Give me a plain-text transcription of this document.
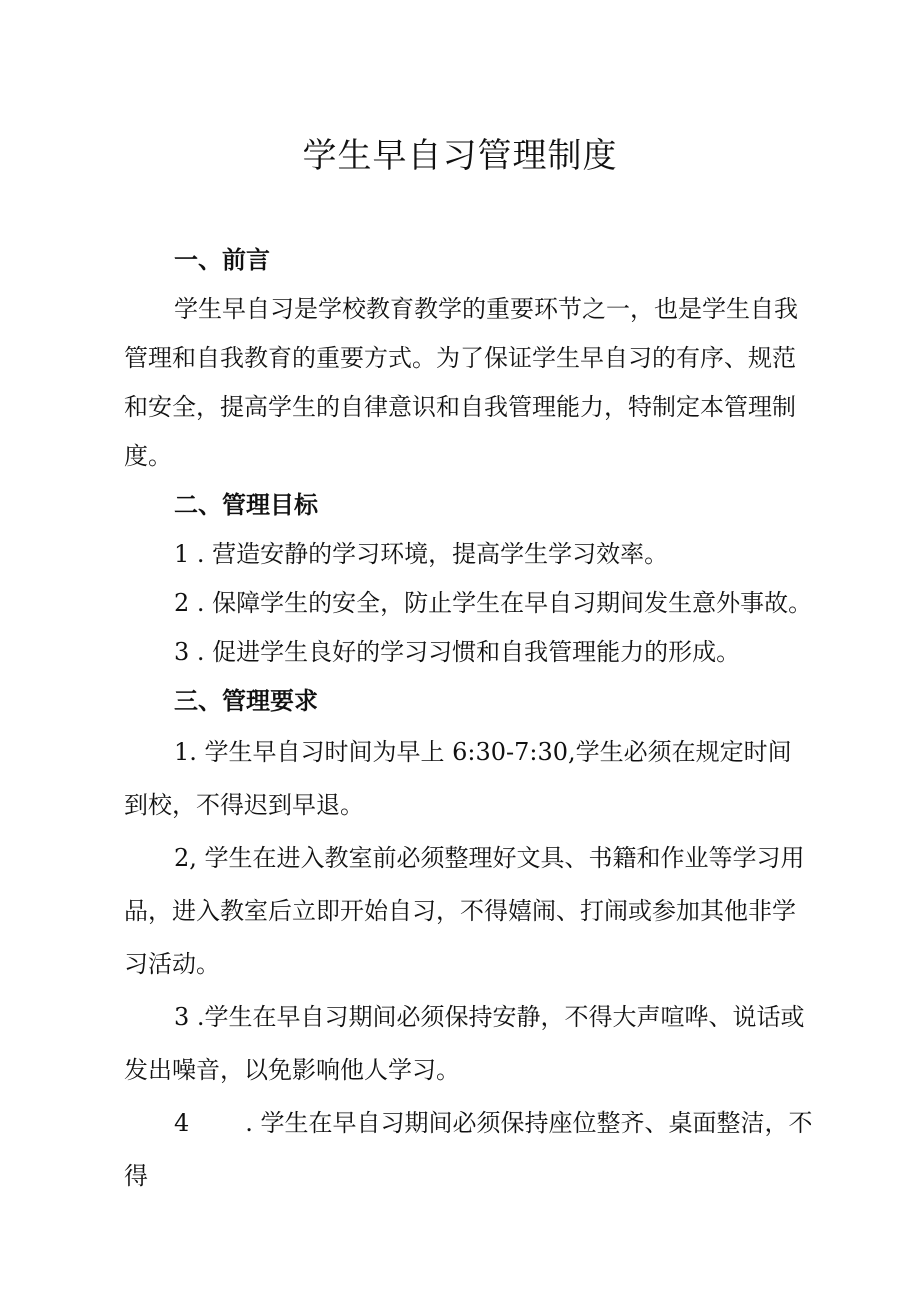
学生早自习管理制度
一、前言

学生早自习是学校教育教学的重要环节之一，也是学生自我管理和自我教育的重要方式。为了保证学生早自习的有序、规范和安全，提高学生的自律意识和自我管理能力，特制定本管理制度。

二、管理目标

1 . 营造安静的学习环境，提高学生学习效率。

2 . 保障学生的安全，防止学生在早自习期间发生意外事故。

3 . 促进学生良好的学习习惯和自我管理能力的形成。

三、管理要求

1. 学生早自习时间为早上 6:30-7:30,学生必须在规定时间到校，不得迟到早退。

2, 学生在进入教室前必须整理好文具、书籍和作业等学习用品，进入教室后立即开始自习，不得嬉闹、打闹或参加其他非学习活动。

3 .学生在早自习期间必须保持安静，不得大声喧哗、说话或发出噪音，以免影响他人学习。

4 . 学生在早自习期间必须保持座位整齐、桌面整洁，不得
